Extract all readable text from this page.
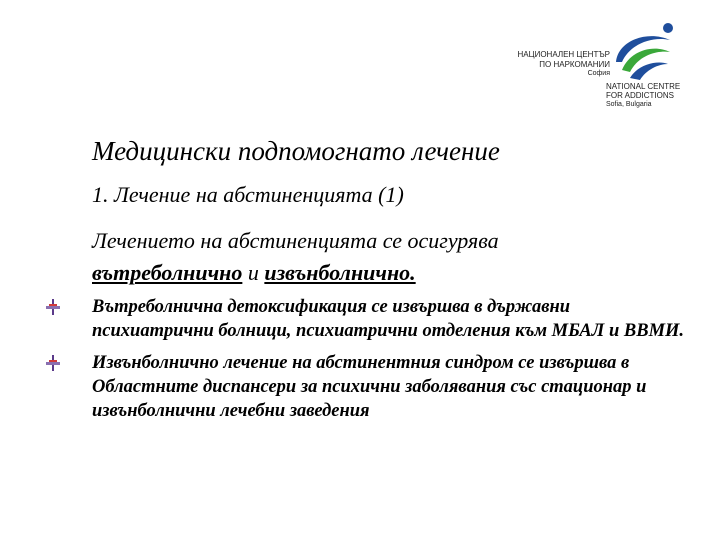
НАЦИОНАЛЕН ЦЕНТЪР
ПО НАРКОМАНИИ
София
NATIONAL CENTRE
FOR ADDICTIONS
Sofia, Bulgaria
Медицински подпомогнато лечение
1. Лечение на абстиненцията (1)
Лечението на абстиненцията се осигурява
вътреболнично и извънболнично.
Вътреболнична детоксификация се извършва в държавни психиатрични болници, психиатрични отделения към МБАЛ и ВВМИ.
Извънболнично лечение на абстинентния синдром се извършва в Областните диспансери за психични заболявания със стационар и извънболнични лечебни заведения
